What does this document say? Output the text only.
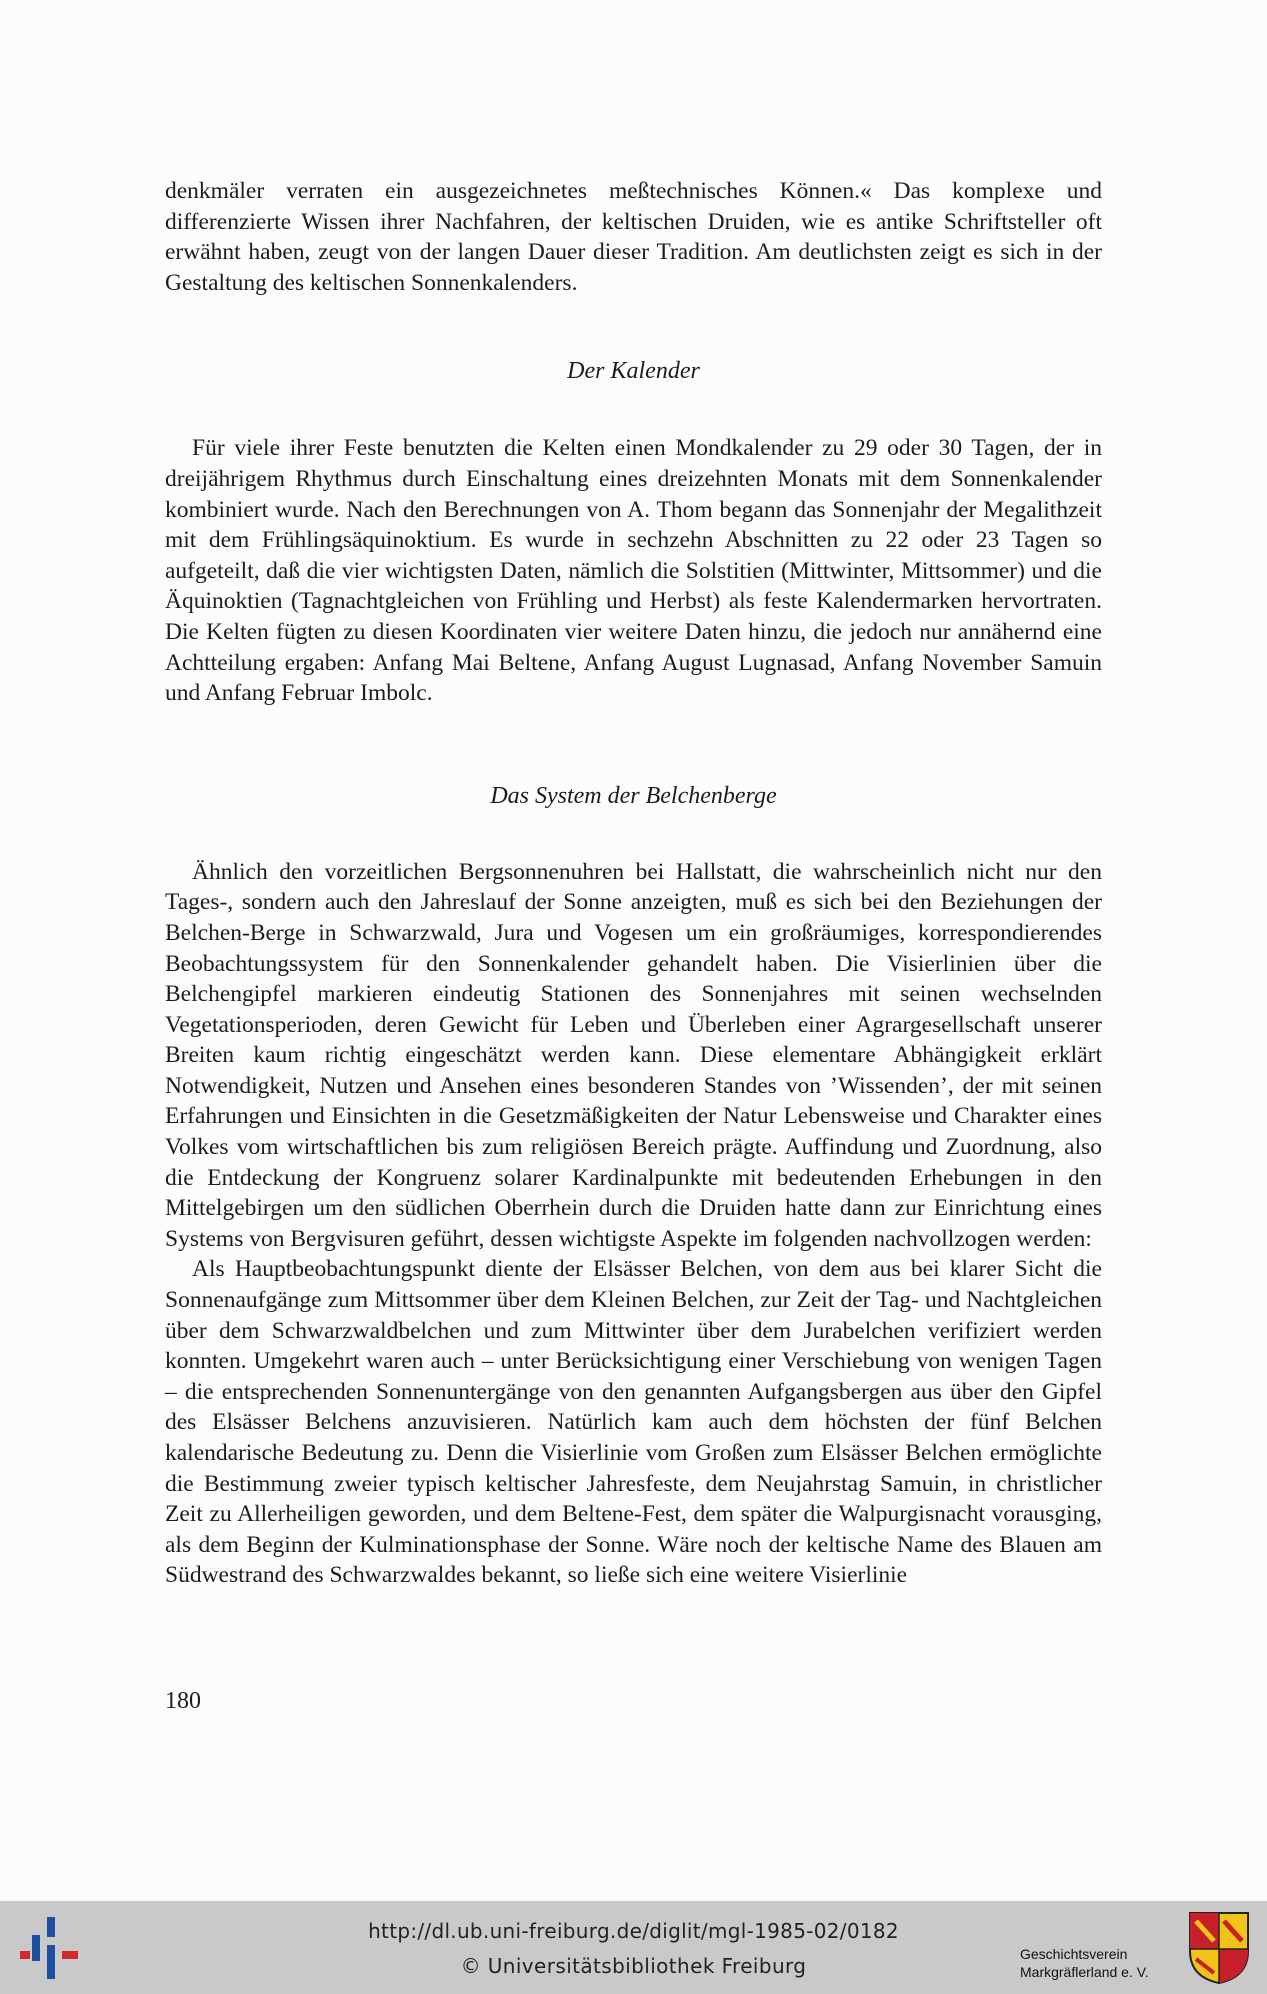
denkmäler verraten ein ausgezeichnetes meßtechnisches Können.« Das komplexe und differenzierte Wissen ihrer Nachfahren, der keltischen Druiden, wie es antike Schriftsteller oft erwähnt haben, zeugt von der langen Dauer dieser Tradition. Am deutlichsten zeigt es sich in der Gestaltung des keltischen Sonnenkalenders.

Der Kalender

Für viele ihrer Feste benutzten die Kelten einen Mondkalender zu 29 oder 30 Tagen, der in dreijährigem Rhythmus durch Einschaltung eines dreizehnten Monats mit dem Sonnenkalender kombiniert wurde. Nach den Berechnungen von A. Thom begann das Sonnenjahr der Megalithzeit mit dem Frühlingsäquinoktium. Es wurde in sechzehn Abschnitten zu 22 oder 23 Tagen so aufgeteilt, daß die vier wichtigsten Daten, nämlich die Solstitien (Mittwinter, Mittsommer) und die Äquinoktien (Tagnachtgleichen von Frühling und Herbst) als feste Kalendermarken hervortraten. Die Kelten fügten zu diesen Koordinaten vier weitere Daten hinzu, die jedoch nur annähernd eine Achtteilung ergaben: Anfang Mai Beltene, Anfang August Lugnasad, Anfang November Samuin und Anfang Februar Imbolc.

Das System der Belchenberge

Ähnlich den vorzeitlichen Bergsonnenuhren bei Hallstatt, die wahrscheinlich nicht nur den Tages-, sondern auch den Jahreslauf der Sonne anzeigten, muß es sich bei den Beziehungen der Belchen-Berge in Schwarzwald, Jura und Vogesen um ein großräumiges, korrespondierendes Beobachtungssystem für den Sonnenkalender gehandelt haben. Die Visierlinien über die Belchengipfel markieren eindeutig Stationen des Sonnenjahres mit seinen wechselnden Vegetationsperioden, deren Gewicht für Leben und Überleben einer Agrargesellschaft unserer Breiten kaum richtig eingeschätzt werden kann. Diese elementare Abhängigkeit erklärt Notwendigkeit, Nutzen und Ansehen eines besonderen Standes von ’Wissenden’, der mit seinen Erfahrungen und Einsichten in die Gesetzmäßigkeiten der Natur Lebensweise und Charakter eines Volkes vom wirtschaftlichen bis zum religiösen Bereich prägte. Auffindung und Zuordnung, also die Entdeckung der Kongruenz solarer Kardinalpunkte mit bedeutenden Erhebungen in den Mittelgebirgen um den südlichen Oberrhein durch die Druiden hatte dann zur Einrichtung eines Systems von Bergvisuren geführt, dessen wichtigste Aspekte im folgenden nachvollzogen werden:

Als Hauptbeobachtungspunkt diente der Elsässer Belchen, von dem aus bei klarer Sicht die Sonnenaufgänge zum Mittsommer über dem Kleinen Belchen, zur Zeit der Tag- und Nachtgleichen über dem Schwarzwaldbelchen und zum Mittwinter über dem Jurabelchen verifiziert werden konnten. Umgekehrt waren auch – unter Berücksichtigung einer Verschiebung von wenigen Tagen – die entsprechenden Sonnenuntergänge von den genannten Aufgangsbergen aus über den Gipfel des Elsässer Belchens anzuvisieren. Natürlich kam auch dem höchsten der fünf Belchen kalendarische Bedeutung zu. Denn die Visierlinie vom Großen zum Elsässer Belchen ermöglichte die Bestimmung zweier typisch keltischer Jahresfeste, dem Neujahrstag Samuin, in christlicher Zeit zu Allerheiligen geworden, und dem Beltene-Fest, dem später die Walpurgisnacht vorausging, als dem Beginn der Kulminationsphase der Sonne. Wäre noch der keltische Name des Blauen am Südwestrand des Schwarzwaldes bekannt, so ließe sich eine weitere Visierlinie

180
http://dl.ub.uni-freiburg.de/diglit/mgl-1985-02/0182
© Universitätsbibliothek Freiburg	Geschichtsverein
Markgräflerland e. V.
